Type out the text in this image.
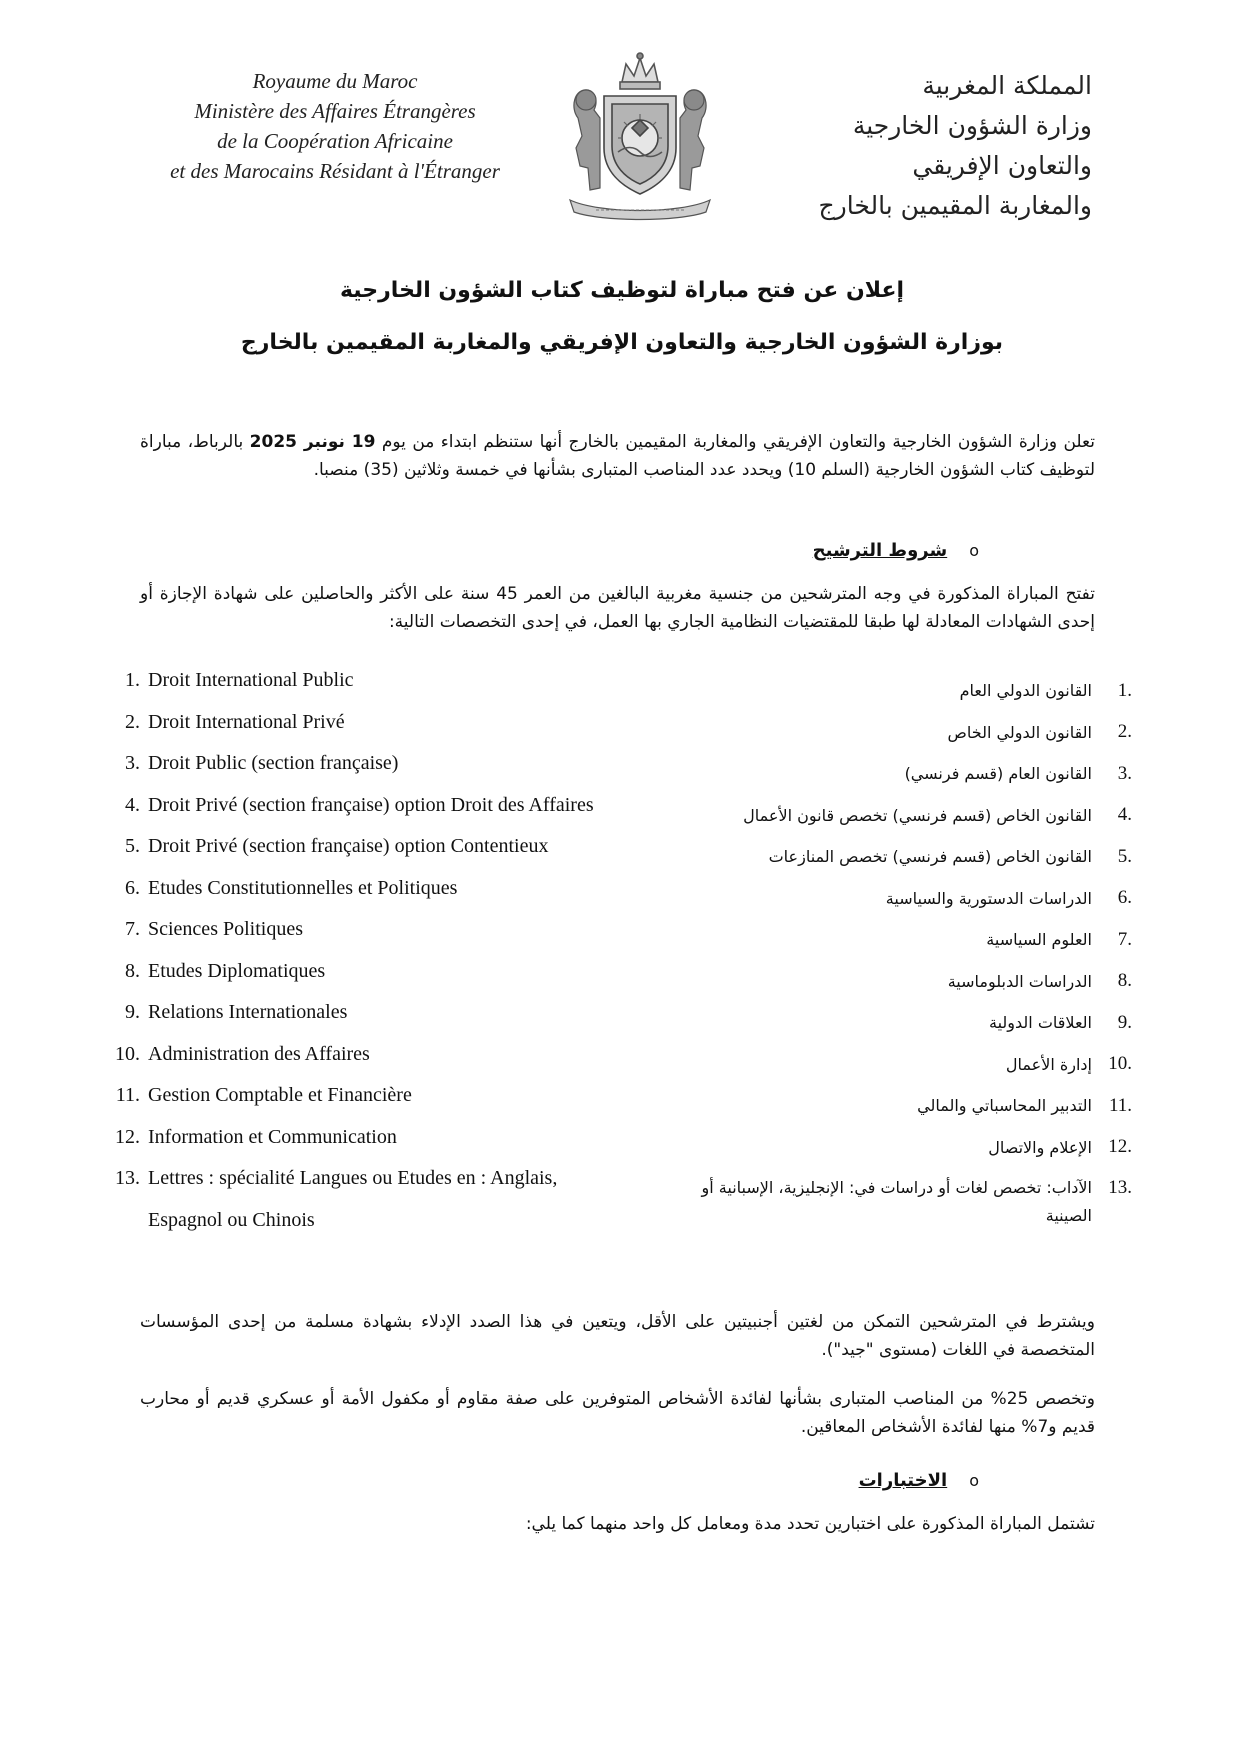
Royaume du Maroc
Ministère des Affaires Étrangères
de la Coopération Africaine
et des Marocains Résidant à l'Étranger
المملكة المغربية
وزارة الشؤون الخارجية
والتعاون الإفريقي
والمغاربة المقيمين بالخارج
إعلان عن فتح مباراة لتوظيف كتاب الشؤون الخارجية
بوزارة الشؤون الخارجية والتعاون الإفريقي والمغاربة المقيمين بالخارج
تعلن وزارة الشؤون الخارجية والتعاون الإفريقي والمغاربة المقيمين بالخارج أنها ستنظم ابتداء من يوم 19 نونبر 2025 بالرباط، مباراة لتوظيف كتاب الشؤون الخارجية (السلم 10) ويحدد عدد المناصب المتبارى بشأنها في خمسة وثلاثين (35) منصبا.
oشروط الترشيح
تفتح المباراة المذكورة في وجه المترشحين من جنسية مغربية البالغين من العمر 45 سنة على الأكثر والحاصلين على شهادة الإجازة أو إحدى الشهادات المعادلة لها طبقا للمقتضيات النظامية الجاري بها العمل، في إحدى التخصصات التالية:
1. Droit International Public
2. Droit International Privé
3. Droit Public (section française)
4. Droit Privé (section française) option Droit des Affaires
5. Droit Privé (section française) option Contentieux
6. Etudes Constitutionnelles et Politiques
7. Sciences Politiques
8. Etudes Diplomatiques
9. Relations Internationales
10. Administration des Affaires
11. Gestion Comptable et Financière
12. Information et Communication
13. Lettres : spécialité Langues ou Etudes en : Anglais, Espagnol ou Chinois
.1
القانون الدولي العام
.2
القانون الدولي الخاص
.3
القانون العام (قسم فرنسي)
.4
القانون الخاص (قسم فرنسي) تخصص قانون الأعمال
.5
القانون الخاص (قسم فرنسي) تخصص المنازعات
.6
الدراسات الدستورية والسياسية
.7
العلوم السياسية
.8
الدراسات الدبلوماسية
.9
العلاقات الدولية
.10
إدارة الأعمال
.11
التدبير المحاسباتي والمالي
.12
الإعلام والاتصال
.13
الآداب: تخصص لغات أو دراسات في: الإنجليزية، الإسبانية أو الصينية
ويشترط في المترشحين التمكن من لغتين أجنبيتين على الأقل، ويتعين في هذا الصدد الإدلاء بشهادة مسلمة من إحدى المؤسسات المتخصصة في اللغات (مستوى "جيد").
وتخصص 25% من المناصب المتبارى بشأنها لفائدة الأشخاص المتوفرين على صفة مقاوم أو مكفول الأمة أو عسكري قديم أو محارب قديم و7% منها لفائدة الأشخاص المعاقين.
oالاختبارات
تشتمل المباراة المذكورة على اختبارين تحدد مدة ومعامل كل واحد منهما كما يلي:
